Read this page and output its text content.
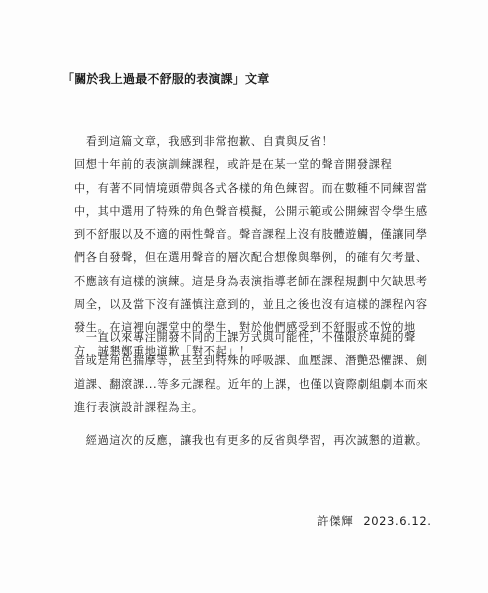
「關於我上過最不舒服的表演課」文章
　看到這篇文章，我感到非常抱歉、自責與反省！
回想十年前的表演訓練課程，或許是在某一堂的聲音開發課程
中，有著不同情境頭帶與各式各樣的角色練習。而在數種不同練習當
中，其中選用了特殊的角色聲音模擬，公開示範或公開練習令學生感
到不舒服以及不適的兩性聲音。聲音課程上沒有肢體遊觸，僅讓同學
們各自發聲，但在選用聲音的層次配合想像與舉例，的確有欠考量、
不應該有這樣的演練。這是身為表演指導老師在課程規劃中欠缺思考
周全，以及當下沒有謹慎注意到的，並且之後也沒有這樣的課程內容
發生。在這裡向課堂中的學生，對於他們感受到不舒服或不悅的地
方，誠懇鄭重地道歉「對不起」！
　一直以來專注開發不同的上課方式與可能性，不僅限於單純的聲
音或是角色揣摩等，甚至到特殊的呼吸課、血壓課、潛艷恐懼課、劍
道課、翻滾課...等多元課程。近年的上課，也僅以資際劇組劇本而來
進行表演設計課程為主。
　經過這次的反應，讓我也有更多的反省與學習，再次誠懇的道歉。
許傑輝 2023.6.12.
